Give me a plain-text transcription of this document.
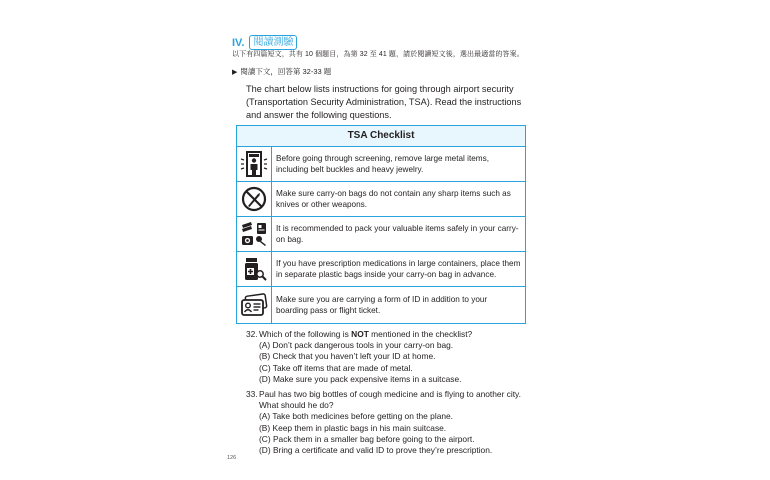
IV. 閱讀測驗
以下有四篇短文，共有 10 個題目，為第 32 至 41 題，請於閱讀短文後，選出最適當的答案。
▶ 閱讀下文，回答第 32-33 題
The chart below lists instructions for going through airport security (Transportation Security Administration, TSA). Read the instructions and answer the following questions.
TSA Checklist
Before going through screening, remove large metal items, including belt buckles and heavy jewelry.
Make sure carry-on bags do not contain any sharp items such as knives or other weapons.
It is recommended to pack your valuable items safely in your carry-on bag.
If you have prescription medications in large containers, place them in separate plastic bags inside your carry-on bag in advance.
Make sure you are carrying a form of ID in addition to your boarding pass or flight ticket.
32. Which of the following is NOT mentioned in the checklist?
(A) Don’t pack dangerous tools in your carry-on bag.
(B) Check that you haven’t left your ID at home.
(C) Take off items that are made of metal.
(D) Make sure you pack expensive items in a suitcase.
33. Paul has two big bottles of cough medicine and is flying to another city.
What should he do?
(A) Take both medicines before getting on the plane.
(B) Keep them in plastic bags in his main suitcase.
(C) Pack them in a smaller bag before going to the airport.
(D) Bring a certificate and valid ID to prove they’re prescription.
126
